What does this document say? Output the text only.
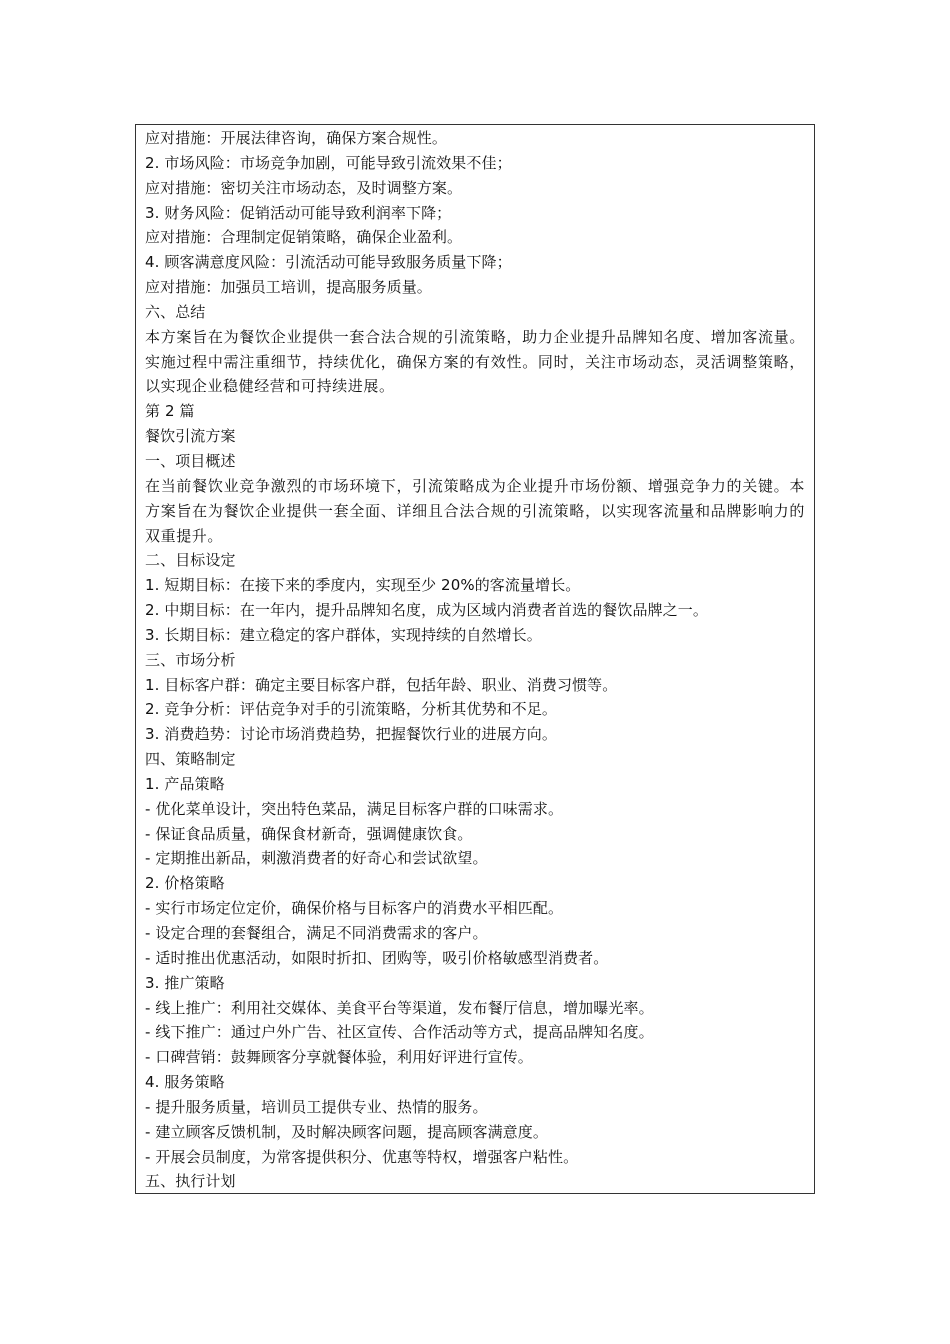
应对措施：开展法律咨询，确保方案合规性。
2. 市场风险：市场竞争加剧，可能导致引流效果不佳；
应对措施：密切关注市场动态，及时调整方案。
3. 财务风险：促销活动可能导致利润率下降；
应对措施：合理制定促销策略，确保企业盈利。
4. 顾客满意度风险：引流活动可能导致服务质量下降；
应对措施：加强员工培训，提高服务质量。
六、总结

本方案旨在为餐饮企业提供一套合法合规的引流策略，助力企业提升品牌知名度、增加客流量。实施过程中需注重细节，持续优化，确保方案的有效性。同时，关注市场动态，灵活调整策略，以实现企业稳健经营和可持续进展。

第 2 篇
餐饮引流方案
一、项目概述

在当前餐饮业竞争激烈的市场环境下，引流策略成为企业提升市场份额、增强竞争力的关键。本方案旨在为餐饮企业提供一套全面、详细且合法合规的引流策略，以实现客流量和品牌影响力的双重提升。

二、目标设定
1. 短期目标：在接下来的季度内，实现至少 20%的客流量增长。
2. 中期目标：在一年内，提升品牌知名度，成为区域内消费者首选的餐饮品牌之一。
3. 长期目标：建立稳定的客户群体，实现持续的自然增长。
三、市场分析
1. 目标客户群：确定主要目标客户群，包括年龄、职业、消费习惯等。
2. 竞争分析：评估竞争对手的引流策略，分析其优势和不足。
3. 消费趋势：讨论市场消费趋势，把握餐饮行业的进展方向。
四、策略制定
1. 产品策略
- 优化菜单设计，突出特色菜品，满足目标客户群的口味需求。
- 保证食品质量，确保食材新奇，强调健康饮食。
- 定期推出新品，刺激消费者的好奇心和尝试欲望。
2. 价格策略
- 实行市场定位定价，确保价格与目标客户的消费水平相匹配。
- 设定合理的套餐组合，满足不同消费需求的客户。
- 适时推出优惠活动，如限时折扣、团购等，吸引价格敏感型消费者。
3. 推广策略
- 线上推广：利用社交媒体、美食平台等渠道，发布餐厅信息，增加曝光率。
- 线下推广：通过户外广告、社区宣传、合作活动等方式，提高品牌知名度。
- 口碑营销：鼓舞顾客分享就餐体验，利用好评进行宣传。
4. 服务策略
- 提升服务质量，培训员工提供专业、热情的服务。
- 建立顾客反馈机制，及时解决顾客问题，提高顾客满意度。
- 开展会员制度，为常客提供积分、优惠等特权，增强客户粘性。
五、执行计划
